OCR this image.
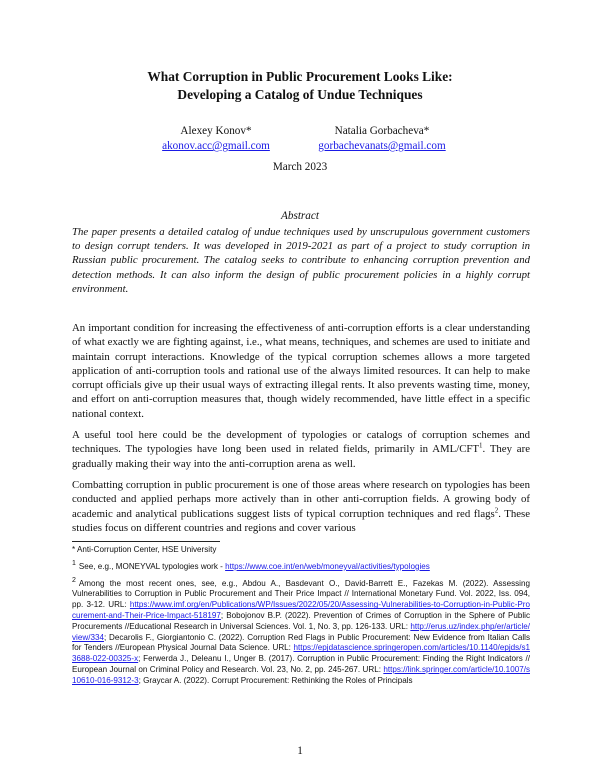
What Corruption in Public Procurement Looks Like:
Developing a Catalog of Undue Techniques
Alexey Konov*
akonov.acc@gmail.com
Natalia Gorbacheva*
gorbachevanats@gmail.com
March 2023
Abstract

The paper presents a detailed catalog of undue techniques used by unscrupulous government customers to design corrupt tenders. It was developed in 2019-2021 as part of a project to study corruption in Russian public procurement. The catalog seeks to contribute to enhancing corruption prevention and detection methods. It can also inform the design of public procurement policies in a highly corrupt environment.

An important condition for increasing the effectiveness of anti-corruption efforts is a clear understanding of what exactly we are fighting against, i.e., what means, techniques, and schemes are used to initiate and maintain corrupt interactions. Knowledge of the typical corruption schemes allows a more targeted application of anti-corruption tools and rational use of the always limited resources. It can help to make corrupt officials give up their usual ways of extracting illegal rents. It also prevents wasting time, money, and effort on anti-corruption measures that, though widely recommended, have little effect in a specific national context.

A useful tool here could be the development of typologies or catalogs of corruption schemes and techniques. The typologies have long been used in related fields, primarily in AML/CFT$^1$. They are gradually making their way into the anti-corruption arena as well.

Combatting corruption in public procurement is one of those areas where research on typologies has been conducted and applied perhaps more actively than in other anti-corruption fields. A growing body of academic and analytical publications suggest lists of typical corruption techniques and red flags$^2$. These studies focus on different countries and regions and cover various

* Anti-Corruption Center, HSE University

$^1$ See, e.g., MONEYVAL typologies work - https://www.coe.int/en/web/moneyval/activities/typologies

$^2$ Among the most recent ones, see, e.g., Abdou A., Basdevant O., David-Barrett E., Fazekas M. (2022). Assessing Vulnerabilities to Corruption in Public Procurement and Their Price Impact // International Monetary Fund. Vol. 2022, Iss. 094, pp. 3-12. URL: https://www.imf.org/en/Publications/WP/Issues/2022/05/20/Assessing-Vulnerabilities-to-Corruption-in-Public-Procurement-and-Their-Price-Impact-518197; Bobojonov B.P. (2022). Prevention of Crimes of Corruption in the Sphere of Public Procurements //Educational Research in Universal Sciences. Vol. 1, No. 3, pp. 126-133. URL: http://erus.uz/index.php/er/article/view/334; Decarolis F., Giorgiantonio C. (2022). Corruption Red Flags in Public Procurement: New Evidence from Italian Calls for Tenders //European Physical Journal Data Science. URL: https://epjdatascience.springeropen.com/articles/10.1140/epjds/s13688-022-00325-x; Ferwerda J., Deleanu I., Unger B. (2017). Corruption in Public Procurement: Finding the Right Indicators // European Journal on Criminal Policy and Research. Vol. 23, No. 2, pp. 245-267. URL: https://link.springer.com/article/10.1007/s10610-016-9312-3; Graycar A. (2022). Corrupt Procurement: Rethinking the Roles of Principals

1
